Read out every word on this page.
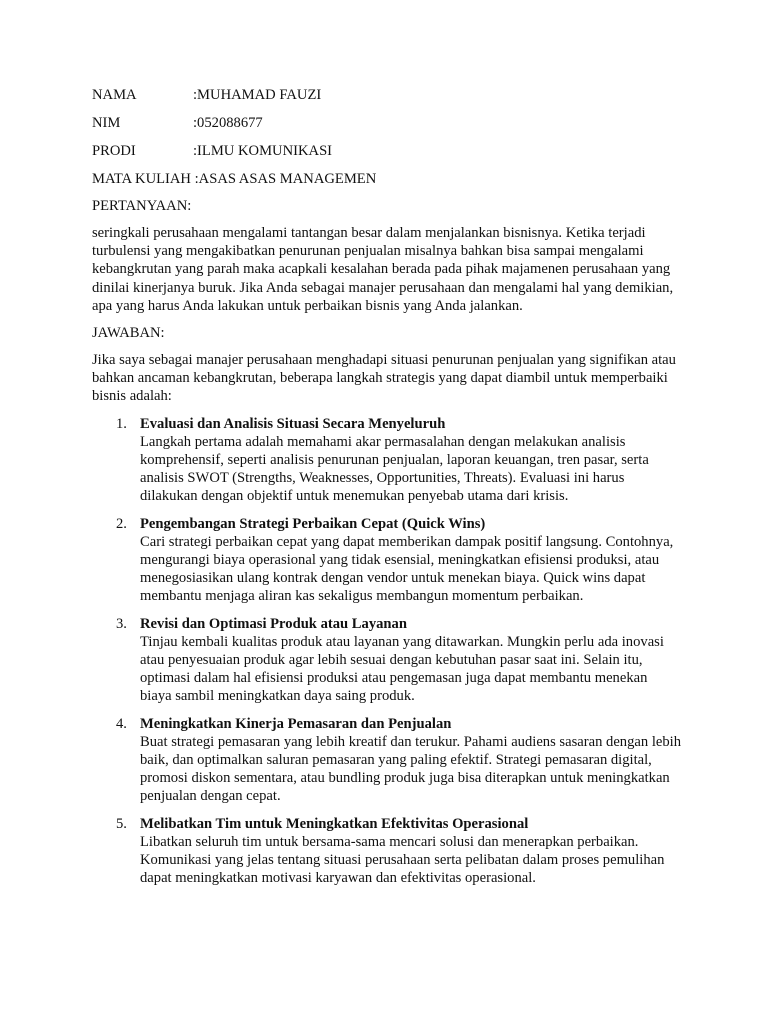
NAMA	:MUHAMAD FAUZI
NIM	:052088677
PRODI	:ILMU KOMUNIKASI
MATA KULIAH :ASAS ASAS MANAGEMEN
PERTANYAAN:

seringkali perusahaan mengalami tantangan besar dalam menjalankan bisnisnya. Ketika terjadi turbulensi yang mengakibatkan penurunan penjualan misalnya bahkan bisa sampai mengalami kebangkrutan yang parah maka acapkali kesalahan berada pada pihak majamenen perusahaan yang dinilai kinerjanya buruk. Jika Anda sebagai manajer perusahaan dan mengalami hal yang demikian, apa yang harus Anda lakukan untuk perbaikan bisnis yang Anda jalankan.

JAWABAN:

Jika saya sebagai manajer perusahaan menghadapi situasi penurunan penjualan yang signifikan atau bahkan ancaman kebangkrutan, beberapa langkah strategis yang dapat diambil untuk memperbaiki bisnis adalah:

1. Evaluasi dan Analisis Situasi Secara Menyeluruh
Langkah pertama adalah memahami akar permasalahan dengan melakukan analisis komprehensif, seperti analisis penurunan penjualan, laporan keuangan, tren pasar, serta analisis SWOT (Strengths, Weaknesses, Opportunities, Threats). Evaluasi ini harus dilakukan dengan objektif untuk menemukan penyebab utama dari krisis.
2. Pengembangan Strategi Perbaikan Cepat (Quick Wins)
Cari strategi perbaikan cepat yang dapat memberikan dampak positif langsung. Contohnya, mengurangi biaya operasional yang tidak esensial, meningkatkan efisiensi produksi, atau menegosiasikan ulang kontrak dengan vendor untuk menekan biaya. Quick wins dapat membantu menjaga aliran kas sekaligus membangun momentum perbaikan.
3. Revisi dan Optimasi Produk atau Layanan
Tinjau kembali kualitas produk atau layanan yang ditawarkan. Mungkin perlu ada inovasi atau penyesuaian produk agar lebih sesuai dengan kebutuhan pasar saat ini. Selain itu, optimasi dalam hal efisiensi produksi atau pengemasan juga dapat membantu menekan biaya sambil meningkatkan daya saing produk.
4. Meningkatkan Kinerja Pemasaran dan Penjualan
Buat strategi pemasaran yang lebih kreatif dan terukur. Pahami audiens sasaran dengan lebih baik, dan optimalkan saluran pemasaran yang paling efektif. Strategi pemasaran digital, promosi diskon sementara, atau bundling produk juga bisa diterapkan untuk meningkatkan penjualan dengan cepat.
5. Melibatkan Tim untuk Meningkatkan Efektivitas Operasional
Libatkan seluruh tim untuk bersama-sama mencari solusi dan menerapkan perbaikan. Komunikasi yang jelas tentang situasi perusahaan serta pelibatan dalam proses pemulihan dapat meningkatkan motivasi karyawan dan efektivitas operasional.
